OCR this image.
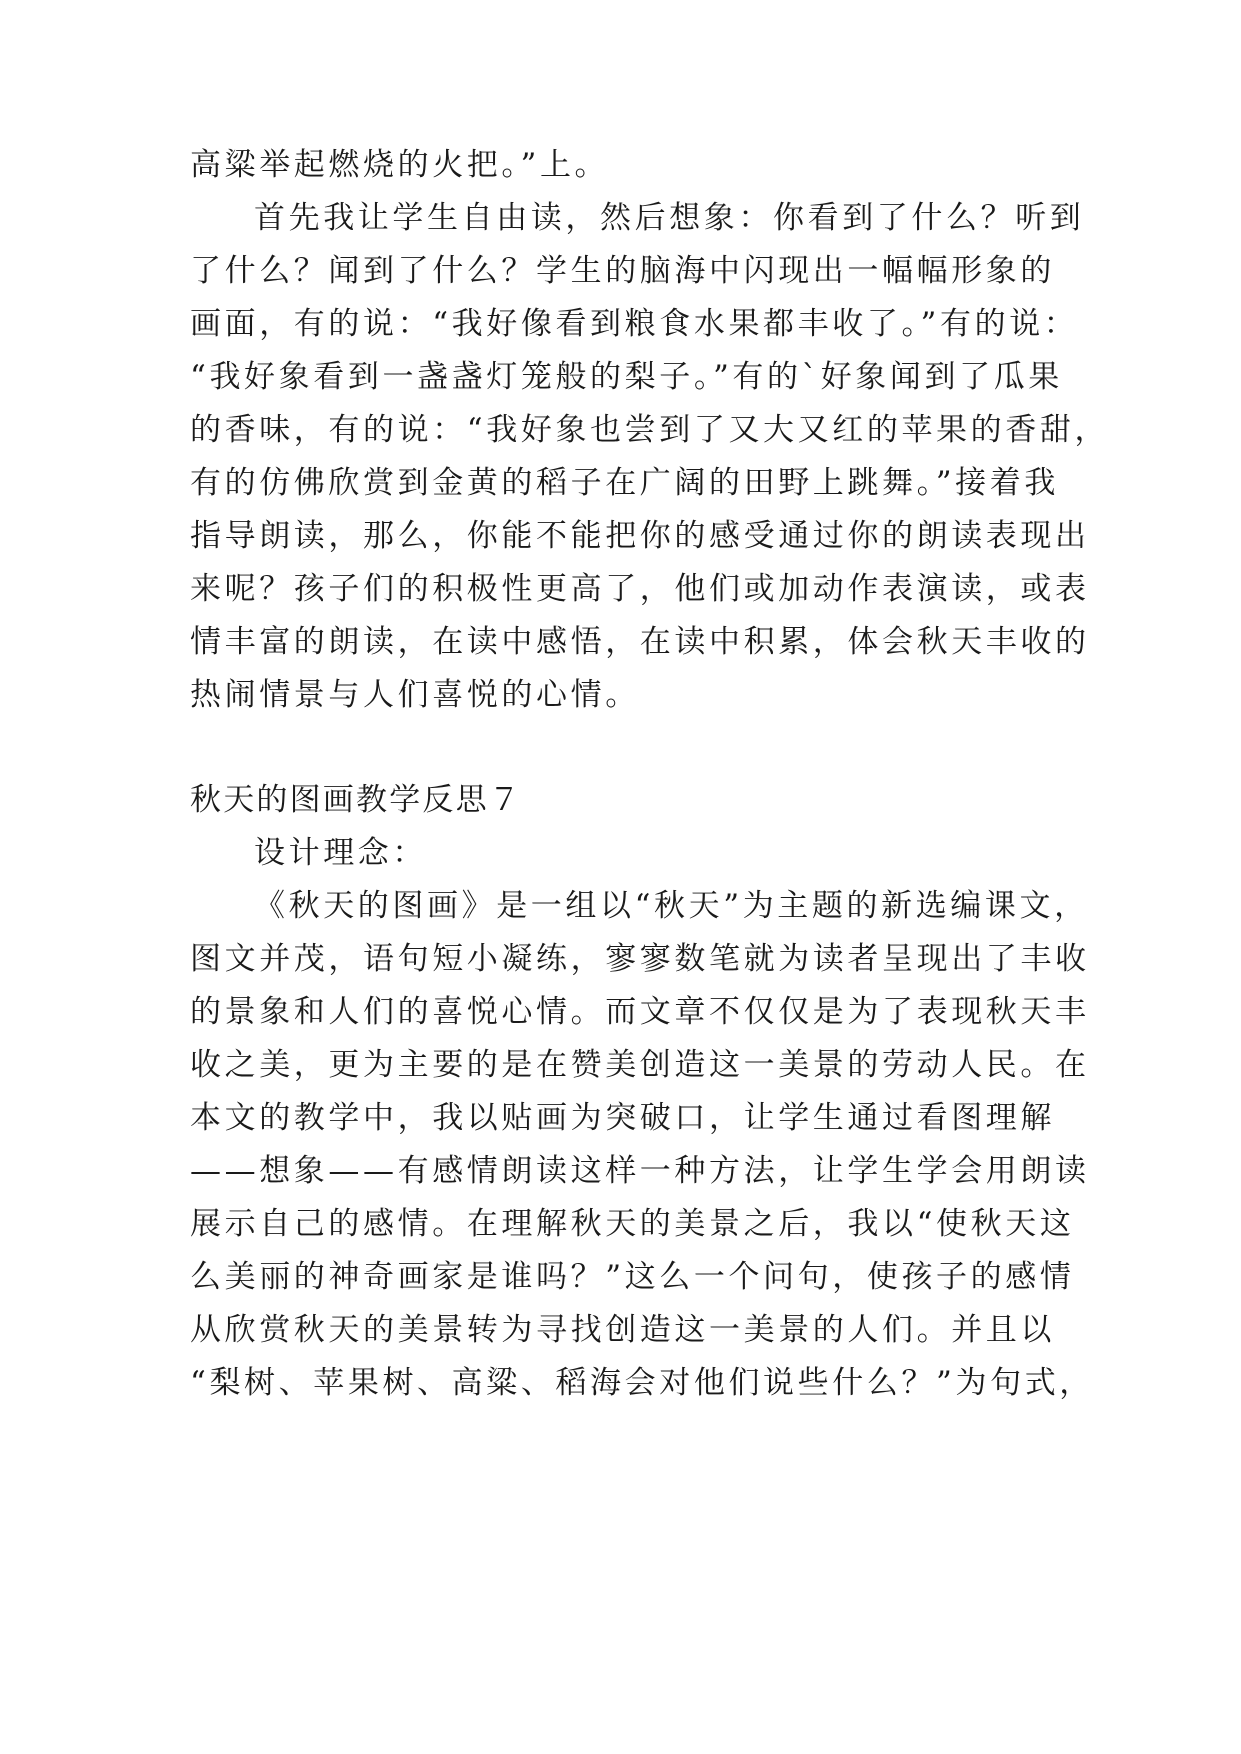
高粱举起燃烧的火把。”上。

首先我让学生自由读，然后想象：你看到了什么？听到

了什么？闻到了什么？学生的脑海中闪现出一幅幅形象的

画面，有的说：“我好像看到粮食水果都丰收了。”有的说：

“我好象看到一盏盏灯笼般的梨子。”有的`好象闻到了瓜果

的香味，有的说：“我好象也尝到了又大又红的苹果的香甜，

有的仿佛欣赏到金黄的稻子在广阔的田野上跳舞。”接着我

指导朗读，那么，你能不能把你的感受通过你的朗读表现出

来呢？孩子们的积极性更高了，他们或加动作表演读，或表

情丰富的朗读，在读中感悟，在读中积累，体会秋天丰收的

热闹情景与人们喜悦的心情。

秋天的图画教学反思７

设计理念：

《秋天的图画》是一组以“秋天”为主题的新选编课文，

图文并茂，语句短小凝练，寥寥数笔就为读者呈现出了丰收

的景象和人们的喜悦心情。而文章不仅仅是为了表现秋天丰

收之美，更为主要的是在赞美创造这一美景的劳动人民。在

本文的教学中，我以贴画为突破口，让学生通过看图理解

——想象——有感情朗读这样一种方法，让学生学会用朗读

展示自己的感情。在理解秋天的美景之后，我以“使秋天这

么美丽的神奇画家是谁吗？”这么一个问句，使孩子的感情

从欣赏秋天的美景转为寻找创造这一美景的人们。并且以

“梨树、苹果树、高粱、稻海会对他们说些什么？”为句式，
